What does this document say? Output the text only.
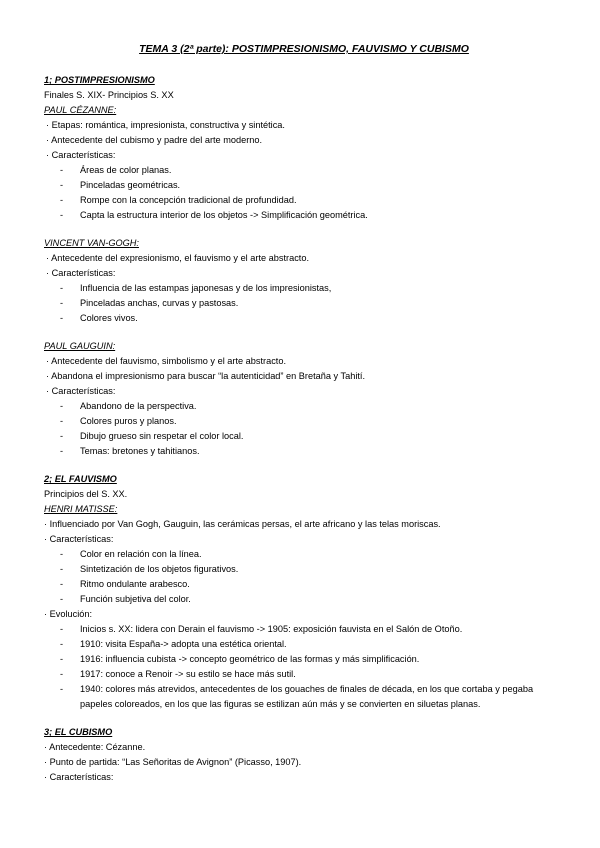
TEMA 3 (2ª parte): POSTIMPRESIONISMO, FAUVISMO Y CUBISMO
1; POSTIMPRESIONISMO
Finales S. XIX- Principios S. XX
PAUL CÉZANNE:
· Etapas: romántica, impresionista, constructiva y sintética.
· Antecedente del cubismo y padre del arte moderno.
· Características:
-	Áreas de color planas.
-	Pinceladas geométricas.
-	Rompe con la concepción tradicional de profundidad.
-	Capta la estructura interior de los objetos -> Simplificación geométrica.
VINCENT VAN-GOGH:
· Antecedente del expresionismo, el fauvismo y el arte abstracto.
· Características:
-	Influencia de las estampas japonesas y de los impresionistas,
-	Pinceladas anchas, curvas y pastosas.
-	Colores vivos.
PAUL GAUGUIN:
· Antecedente del fauvismo, simbolismo y el arte abstracto.
· Abandona el impresionismo para buscar “la autenticidad” en Bretaña y Tahití.
· Características:
-	Abandono de la perspectiva.
-	Colores puros y planos.
-	Dibujo grueso sin respetar el color local.
-	Temas: bretones y tahitianos.
2; EL FAUVISMO
Principios del S. XX.
HENRI MATISSE:
· Influenciado por Van Gogh, Gauguin, las cerámicas persas, el arte africano y las telas moriscas.
· Características:
-	Color en relación con la línea.
-	Sintetización de los objetos figurativos.
-	Ritmo ondulante arabesco.
-	Función subjetiva del color.
· Evolución:
-	Inicios s. XX: lidera con Derain el fauvismo -> 1905: exposición fauvista en el Salón de Otoño.
-	1910: visita España-> adopta una estética oriental.
-	1916: influencia cubista -> concepto geométrico de las formas y más simplificación.
-	1917: conoce a Renoir -> su estilo se hace más sutil.
-	1940: colores más atrevidos, antecedentes de los gouaches de finales de década, en los que cortaba y pegaba papeles coloreados, en los que las figuras se estilizan aún más y se convierten en siluetas planas.
3; EL CUBISMO
· Antecedente: Cézanne.
· Punto de partida: “Las Señoritas de Avignon” (Picasso, 1907).
· Características:
